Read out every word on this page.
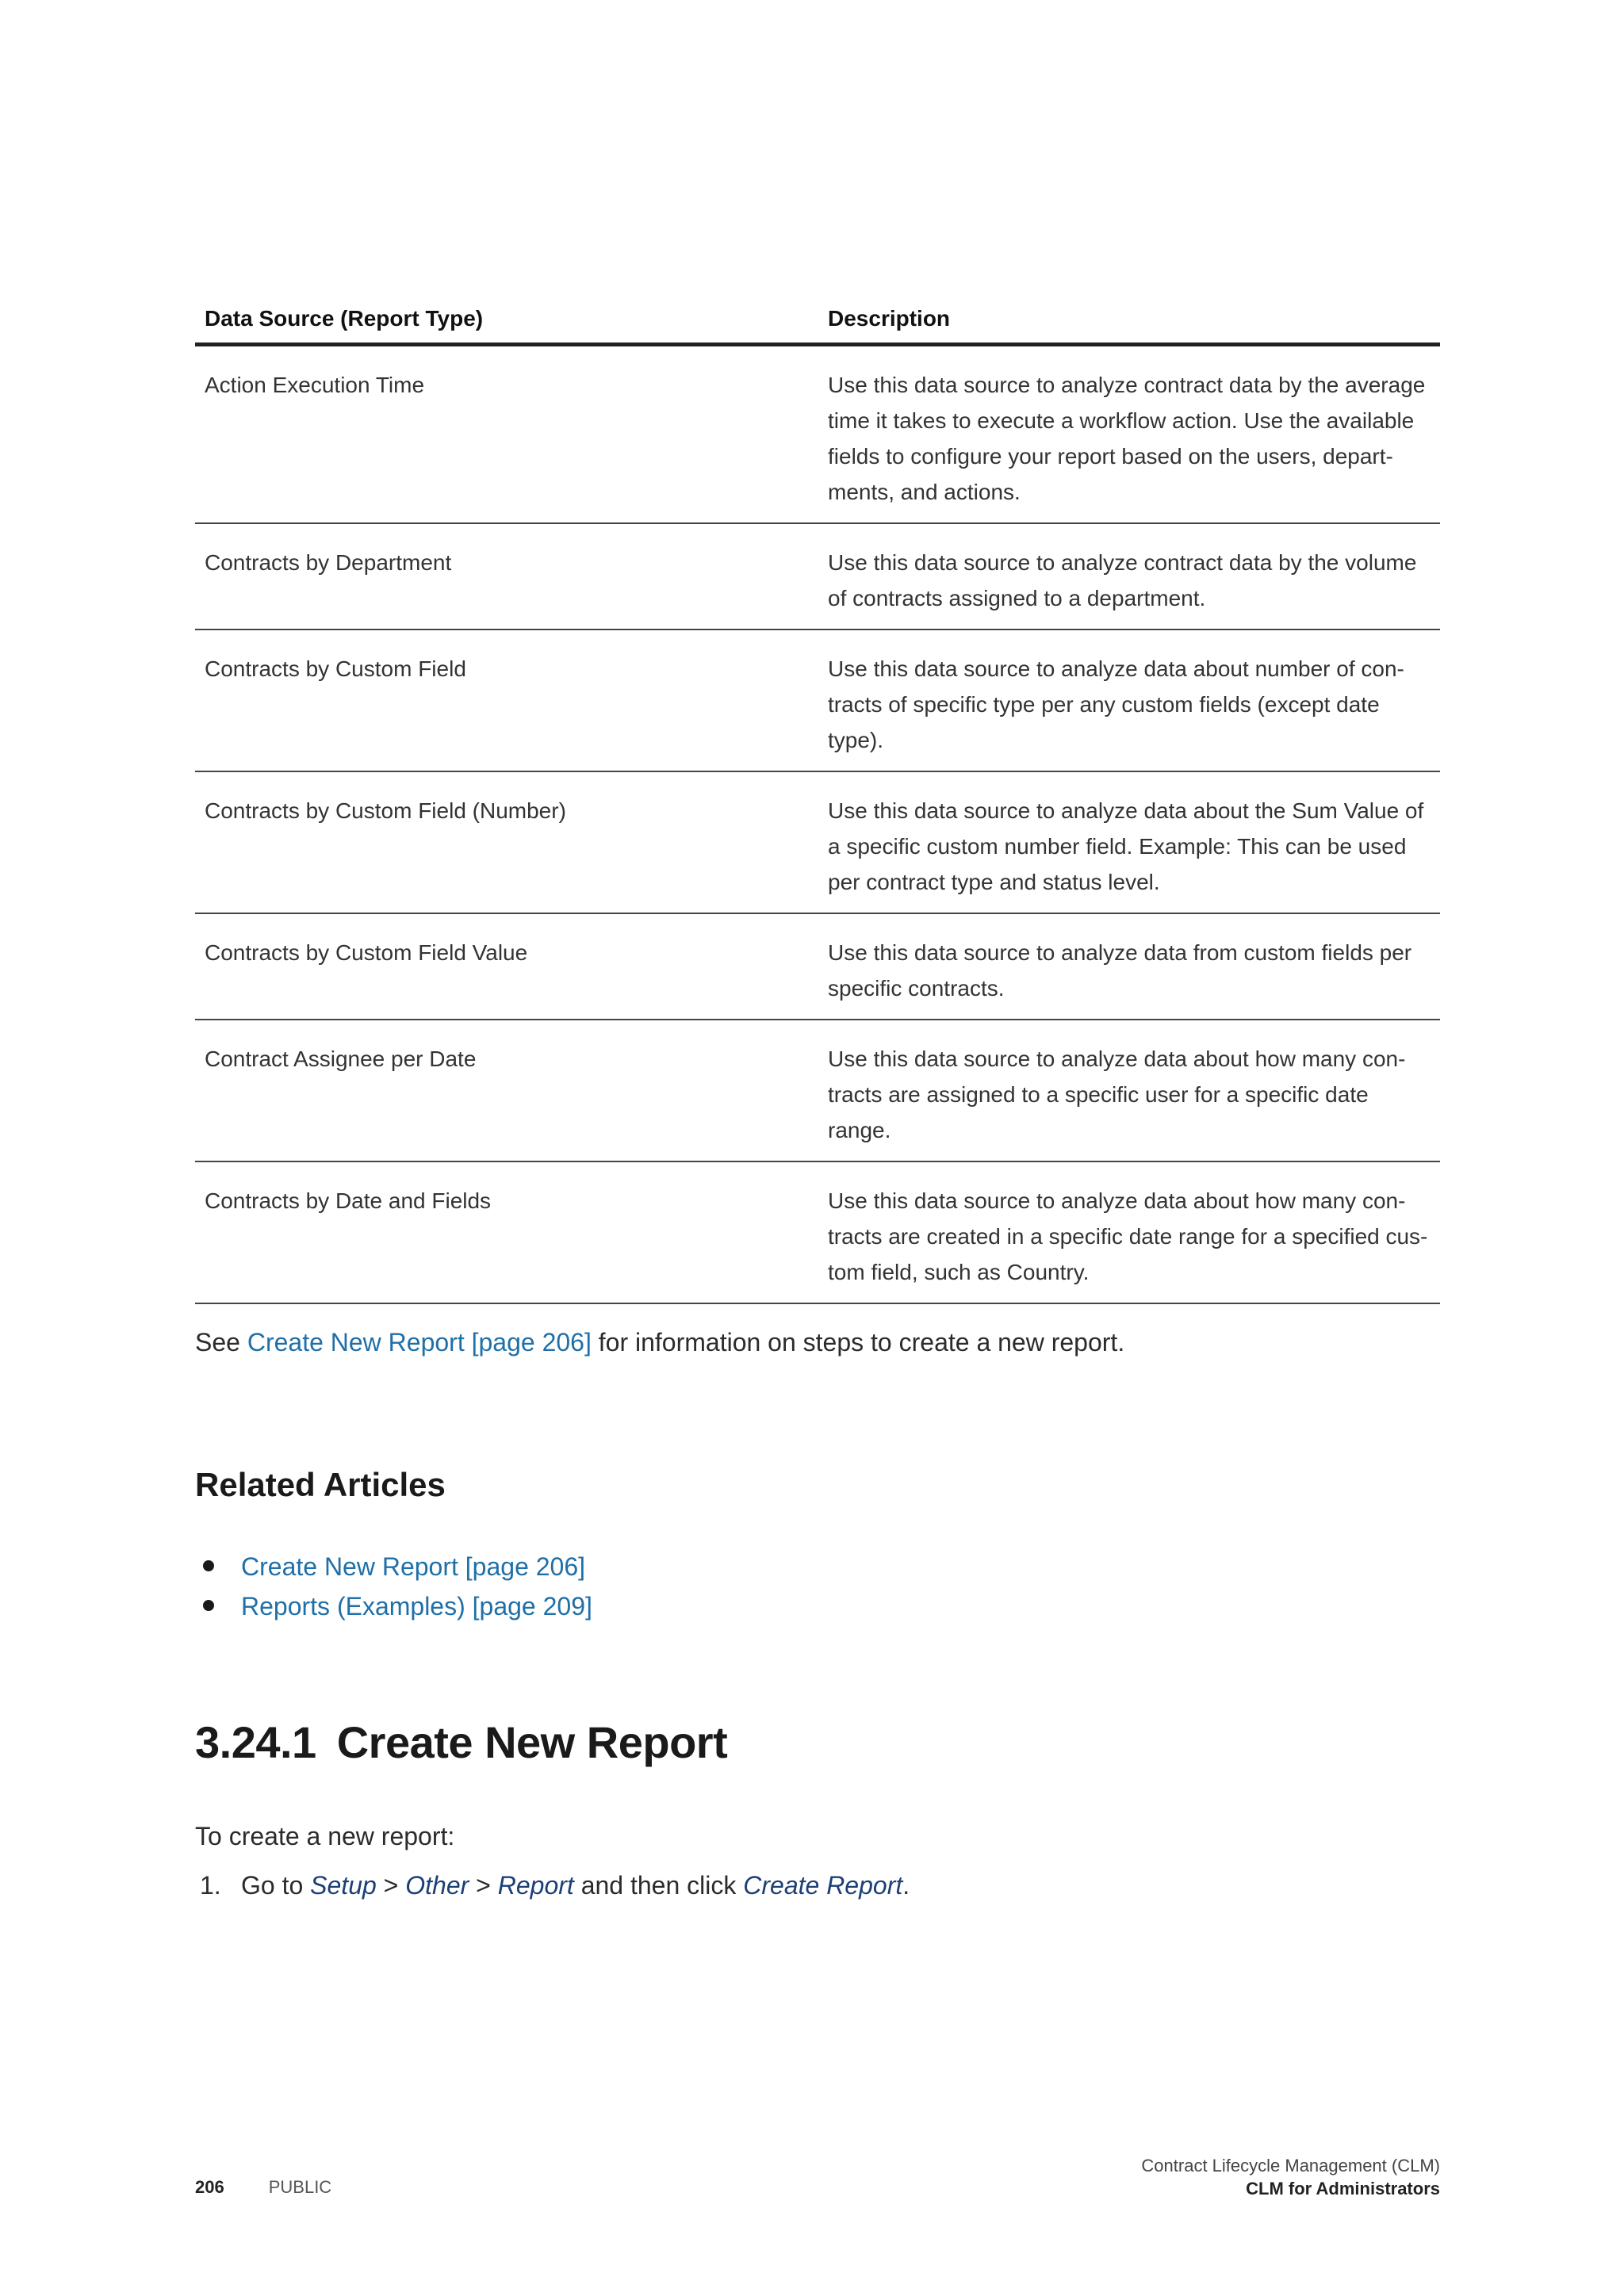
Data Source (Report Type)	Description
Action Execution Time	Use this data source to analyze contract data by the average time it takes to execute a workflow action. Use the available fields to configure your report based on the users, depart-ments, and actions.
Contracts by Department	Use this data source to analyze contract data by the volume of contracts assigned to a department.
Contracts by Custom Field	Use this data source to analyze data about number of con-tracts of specific type per any custom fields (except date type).
Contracts by Custom Field (Number)	Use this data source to analyze data about the Sum Value of a specific custom number field. Example: This can be used per contract type and status level.
Contracts by Custom Field Value	Use this data source to analyze data from custom fields per specific contracts.
Contract Assignee per Date	Use this data source to analyze data about how many con-tracts are assigned to a specific user for a specific date range.
Contracts by Date and Fields	Use this data source to analyze data about how many con-tracts are created in a specific date range for a specified cus-tom field, such as Country.

See Create New Report [page 206] for information on steps to create a new report.

Related Articles
Create New Report [page 206]
Reports (Examples) [page 209]
3.24.1 Create New Report

To create a new report:

1. Go to Setup > Other > Report and then click Create Report.
206	PUBLIC
Contract Lifecycle Management (CLM)
CLM for Administrators
